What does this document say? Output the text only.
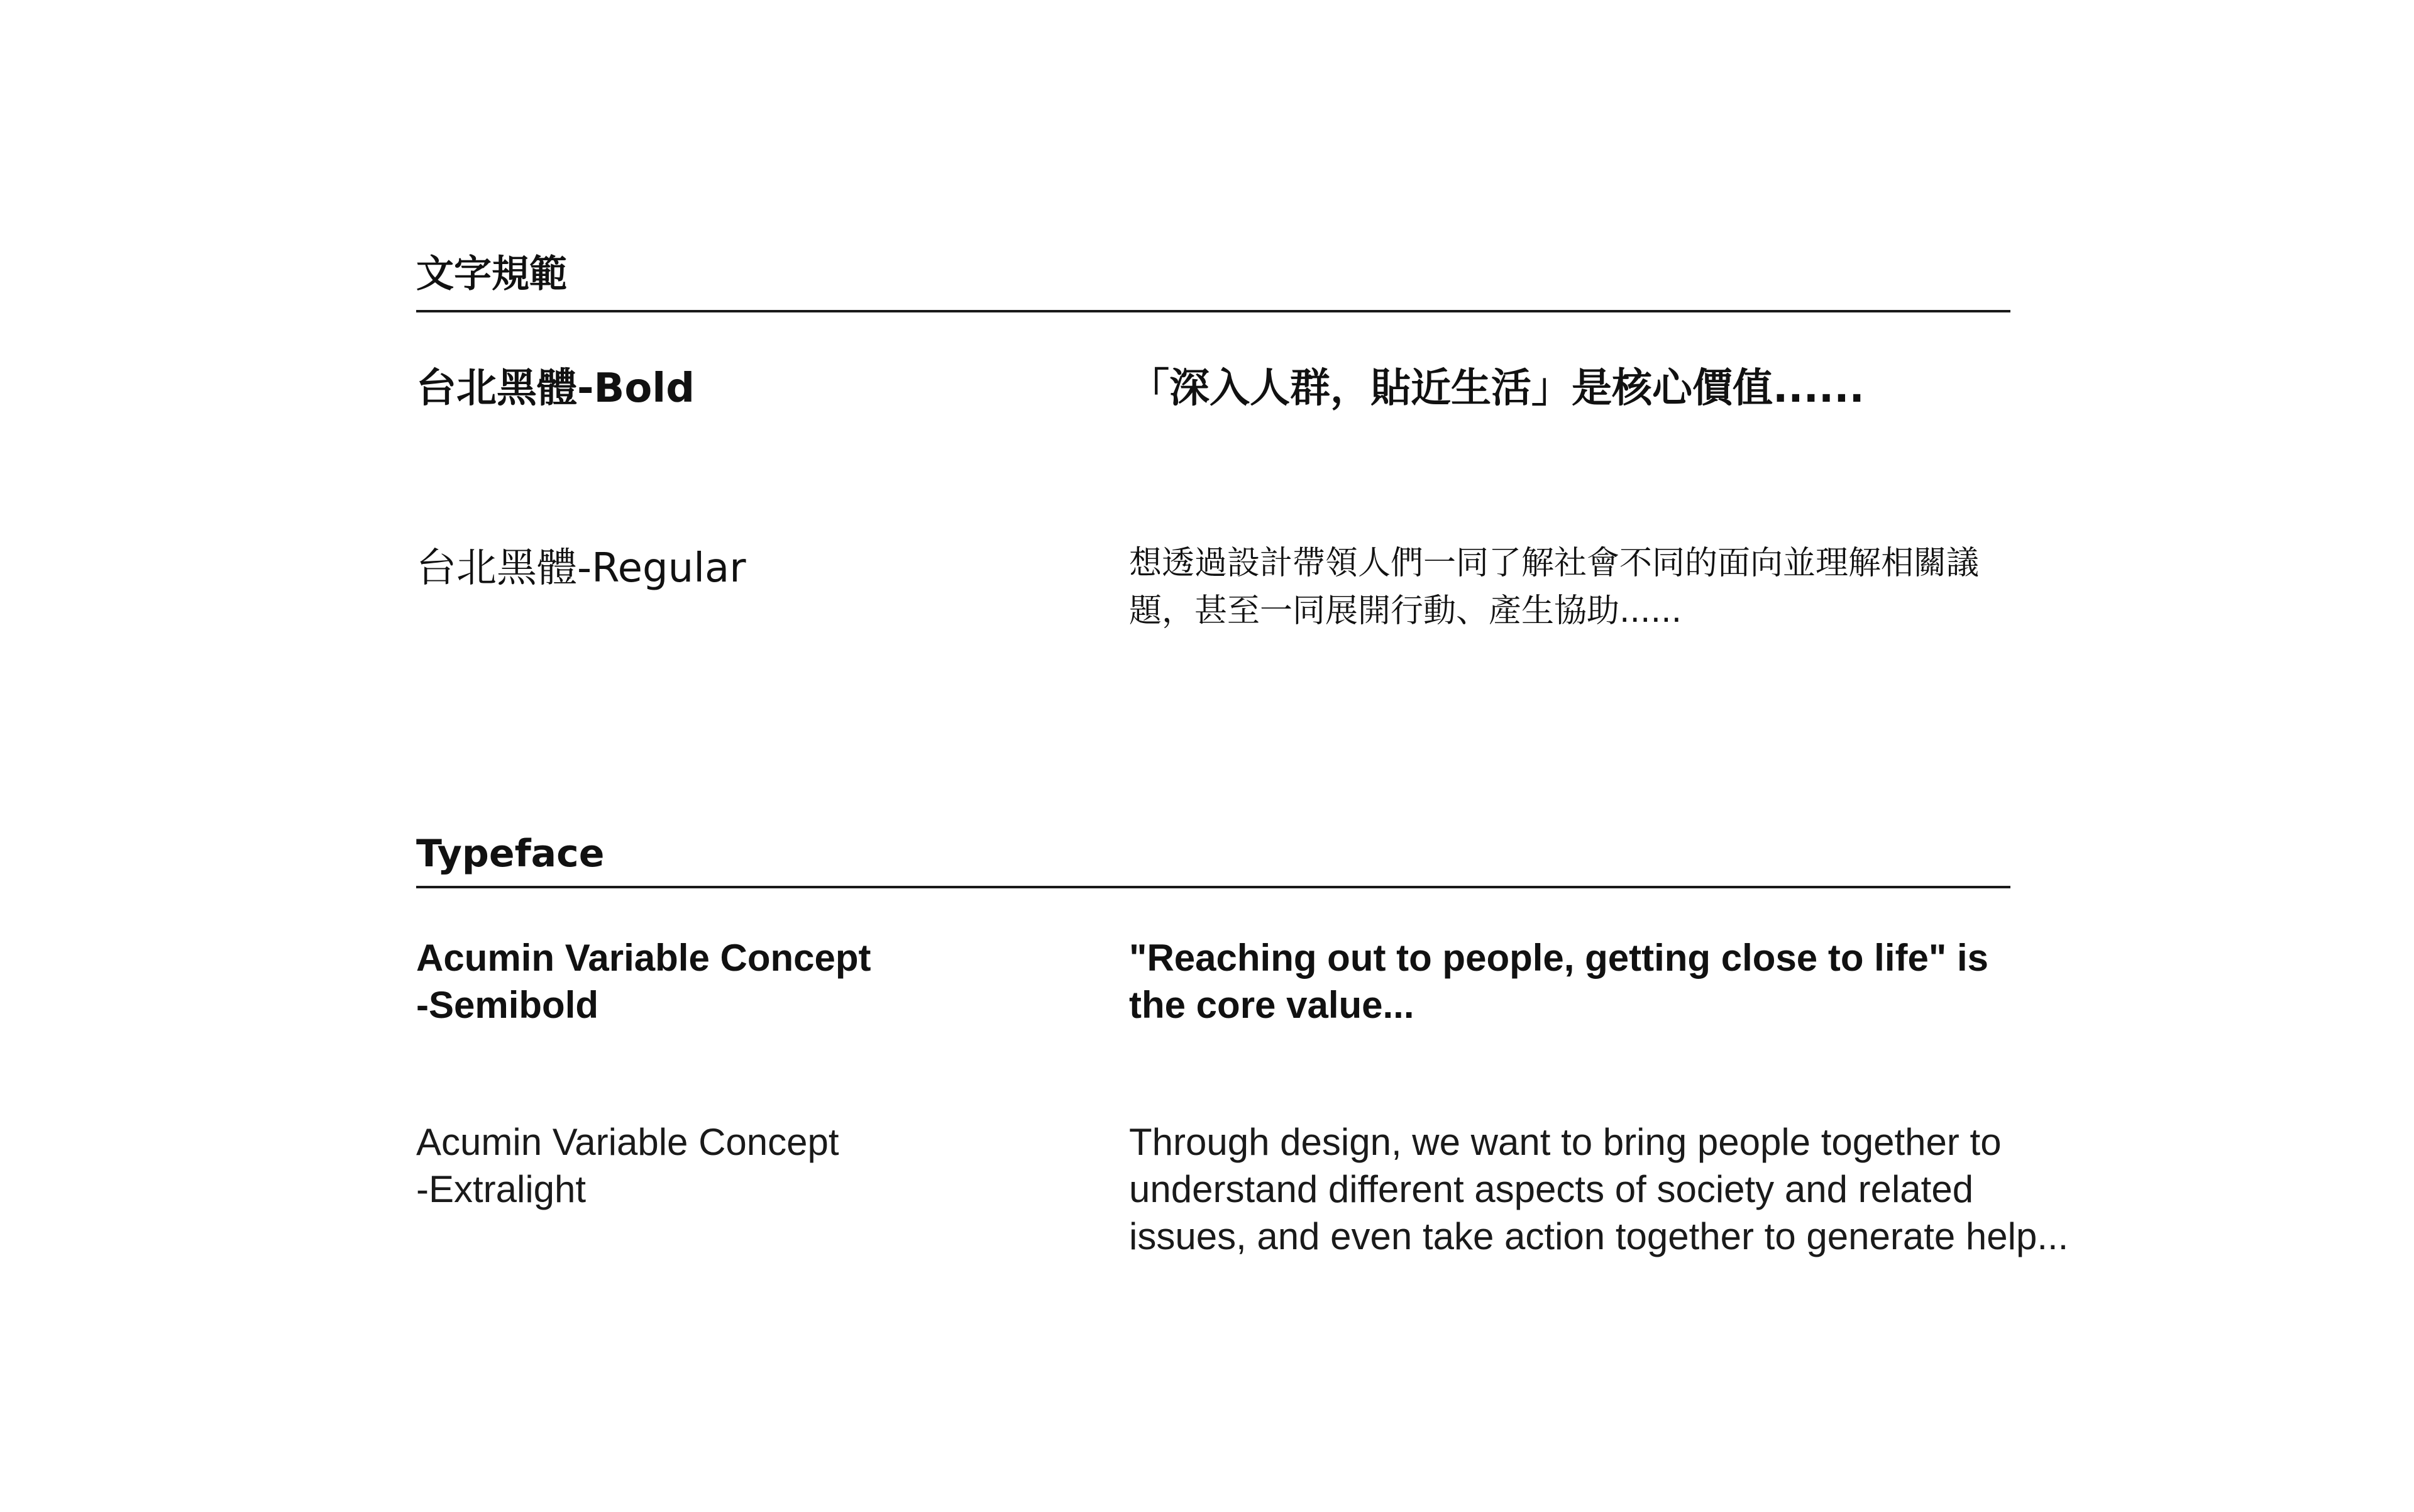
文字規範

台北黑體-Bold	「深入人群，貼近生活」是核心價值......

台北黑體-Regular	想透過設計帶領人們一同了解社會不同的面向並理解相關議
題，甚至一同展開行動、產生協助......

Typeface

Acumin Variable Concept
-Semibold

"Reaching out to people, getting close to life" is
the core value...

Acumin Variable Concept
-Extralight

Through design, we want to bring people together to
understand different aspects of society and related
issues, and even take action together to generate help...
